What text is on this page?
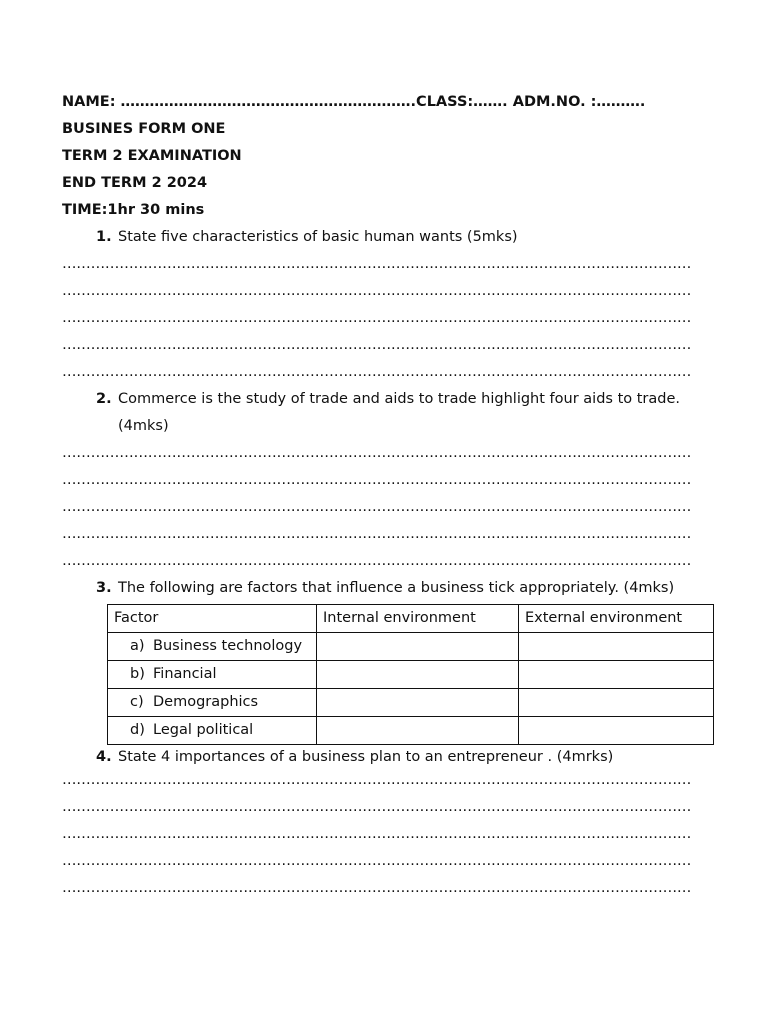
NAME: …………………………………………………….CLASS:……. ADM.NO. :……….
BUSINES FORM ONE
TERM 2 EXAMINATION
END TERM 2 2024
TIME:1hr 30 mins
1. State five characteristics of basic human wants (5mks)
……………………………………………………………………………………………………………………
……………………………………………………………………………………………………………………
……………………………………………………………………………………………………………………
……………………………………………………………………………………………………………………
……………………………………………………………………………………………………………………
2. Commerce is the study of trade and aids to trade highlight four aids to trade. (4mks)
……………………………………………………………………………………………………………………
……………………………………………………………………………………………………………………
……………………………………………………………………………………………………………………
……………………………………………………………………………………………………………………
……………………………………………………………………………………………………………………
3. The following are factors that influence a business tick appropriately. (4mks)
Factor	Internal environment	External environment

a) Business technology		

b) Financial		

c) Demographics		

d) Legal political		

4. State 4 importances of a business plan to an entrepreneur . (4mrks)
……………………………………………………………………………………………………………………
……………………………………………………………………………………………………………………
……………………………………………………………………………………………………………………
……………………………………………………………………………………………………………………
……………………………………………………………………………………………………………………
